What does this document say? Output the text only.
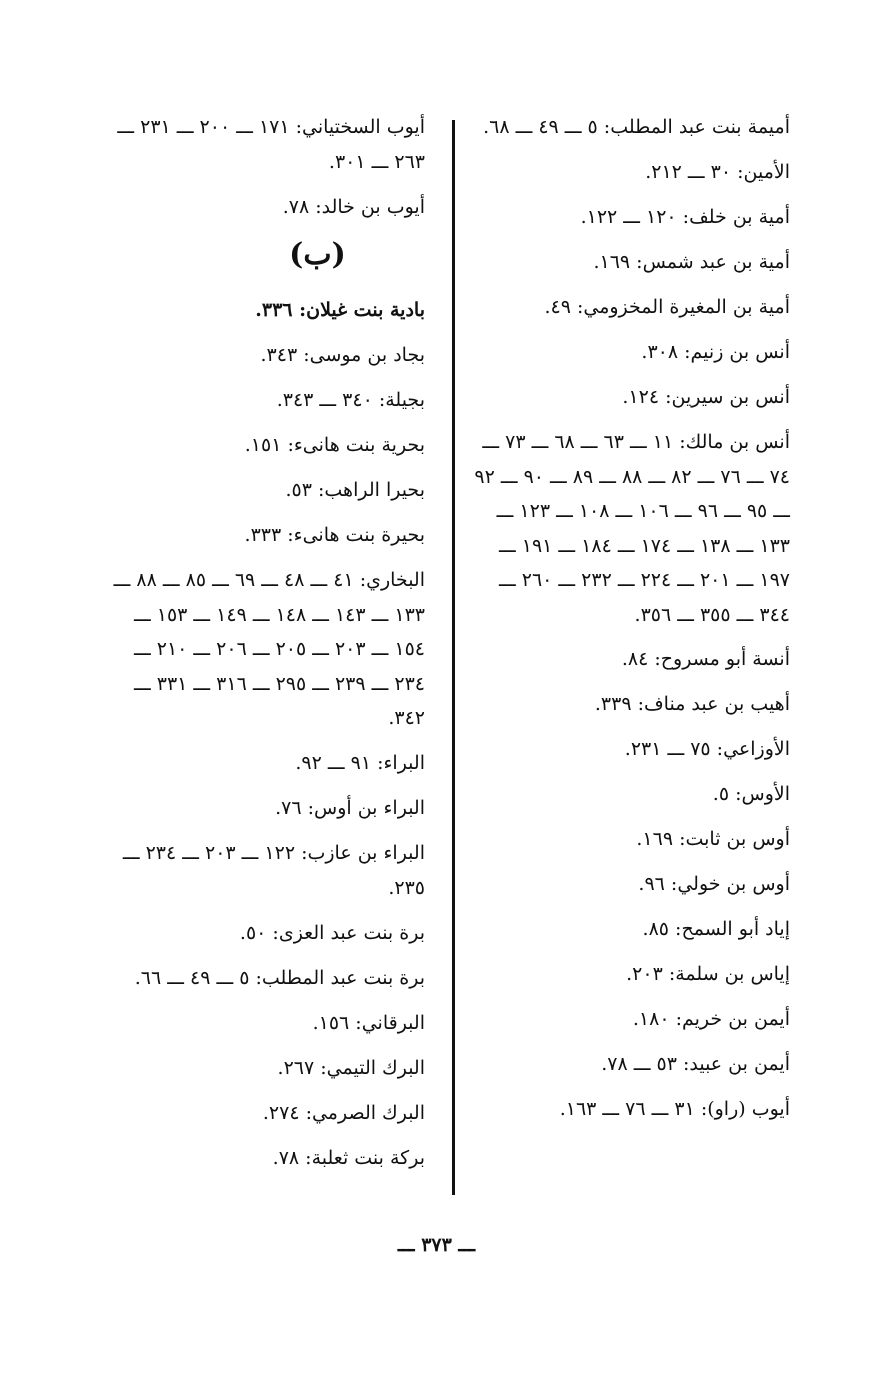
أميمة بنت عبد المطلب: ٥ ـــ ٤٩ ـــ ٦٨.
الأمين: ٣٠ ـــ ٢١٢.
أمية بن خلف: ١٢٠ ـــ ١٢٢.
أمية بن عبد شمس: ١٦٩.
أمية بن المغيرة المخزومي: ٤٩.
أنس بن زنيم: ٣٠٨.
أنس بن سيرين: ١٢٤.
أنس بن مالك: ١١ ـــ ٦٣ ـــ ٦٨ ـــ ٧٣ ـــ ٧٤ ـــ ٧٦ ـــ ٨٢ ـــ ٨٨ ـــ ٨٩ ـــ ٩٠ ـــ ٩٢ ـــ ٩٥ ـــ ٩٦ ـــ ١٠٦ ـــ ١٠٨ ـــ ١٢٣ ـــ ١٣٣ ـــ ١٣٨ ـــ ١٧٤ ـــ ١٨٤ ـــ ١٩١ ـــ ١٩٧ ـــ ٢٠١ ـــ ٢٢٤ ـــ ٢٣٢ ـــ ٢٦٠ ـــ ٣٤٤ ـــ ٣٥٥ ـــ ٣٥٦.
أنسة أبو مسروح: ٨٤.
أهيب بن عبد مناف: ٣٣٩.
الأوزاعي: ٧٥ ـــ ٢٣١.
الأوس: ٥.
أوس بن ثابت: ١٦٩.
أوس بن خولي: ٩٦.
إياد أبو السمح: ٨٥.
إياس بن سلمة: ٢٠٣.
أيمن بن خريم: ١٨٠.
أيمن بن عبيد: ٥٣ ـــ ٧٨.
أيوب (راو): ٣١ ـــ ٧٦ ـــ ١٦٣.
أيوب السختياني: ١٧١ ـــ ٢٠٠ ـــ ٢٣١ ـــ ٢٦٣ ـــ ٣٠١.
أيوب بن خالد: ٧٨.
(ب)
بادية بنت غيلان: ٣٣٦.
بجاد بن موسى: ٣٤٣.
بجيلة: ٣٤٠ ـــ ٣٤٣.
بحرية بنت هانىء: ١٥١.
بحيرا الراهب: ٥٣.
بحيرة بنت هانىء: ٣٣٣.
البخاري: ٤١ ـــ ٤٨ ـــ ٦٩ ـــ ٨٥ ـــ ٨٨ ـــ ١٣٣ ـــ ١٤٣ ـــ ١٤٨ ـــ ١٤٩ ـــ ١٥٣ ـــ ١٥٤ ـــ ٢٠٣ ـــ ٢٠٥ ـــ ٢٠٦ ـــ ٢١٠ ـــ ٢٣٤ ـــ ٢٣٩ ـــ ٢٩٥ ـــ ٣١٦ ـــ ٣٣١ ـــ ٣٤٢.
البراء: ٩١ ـــ ٩٢.
البراء بن أوس: ٧٦.
البراء بن عازب: ١٢٢ ـــ ٢٠٣ ـــ ٢٣٤ ـــ ٢٣٥.
برة بنت عبد العزى: ٥٠.
برة بنت عبد المطلب: ٥ ـــ ٤٩ ـــ ٦٦.
البرقاني: ١٥٦.
البرك التيمي: ٢٦٧.
البرك الصرمي: ٢٧٤.
بركة بنت ثعلبة: ٧٨.
ـــ ٣٧٣ ـــ
